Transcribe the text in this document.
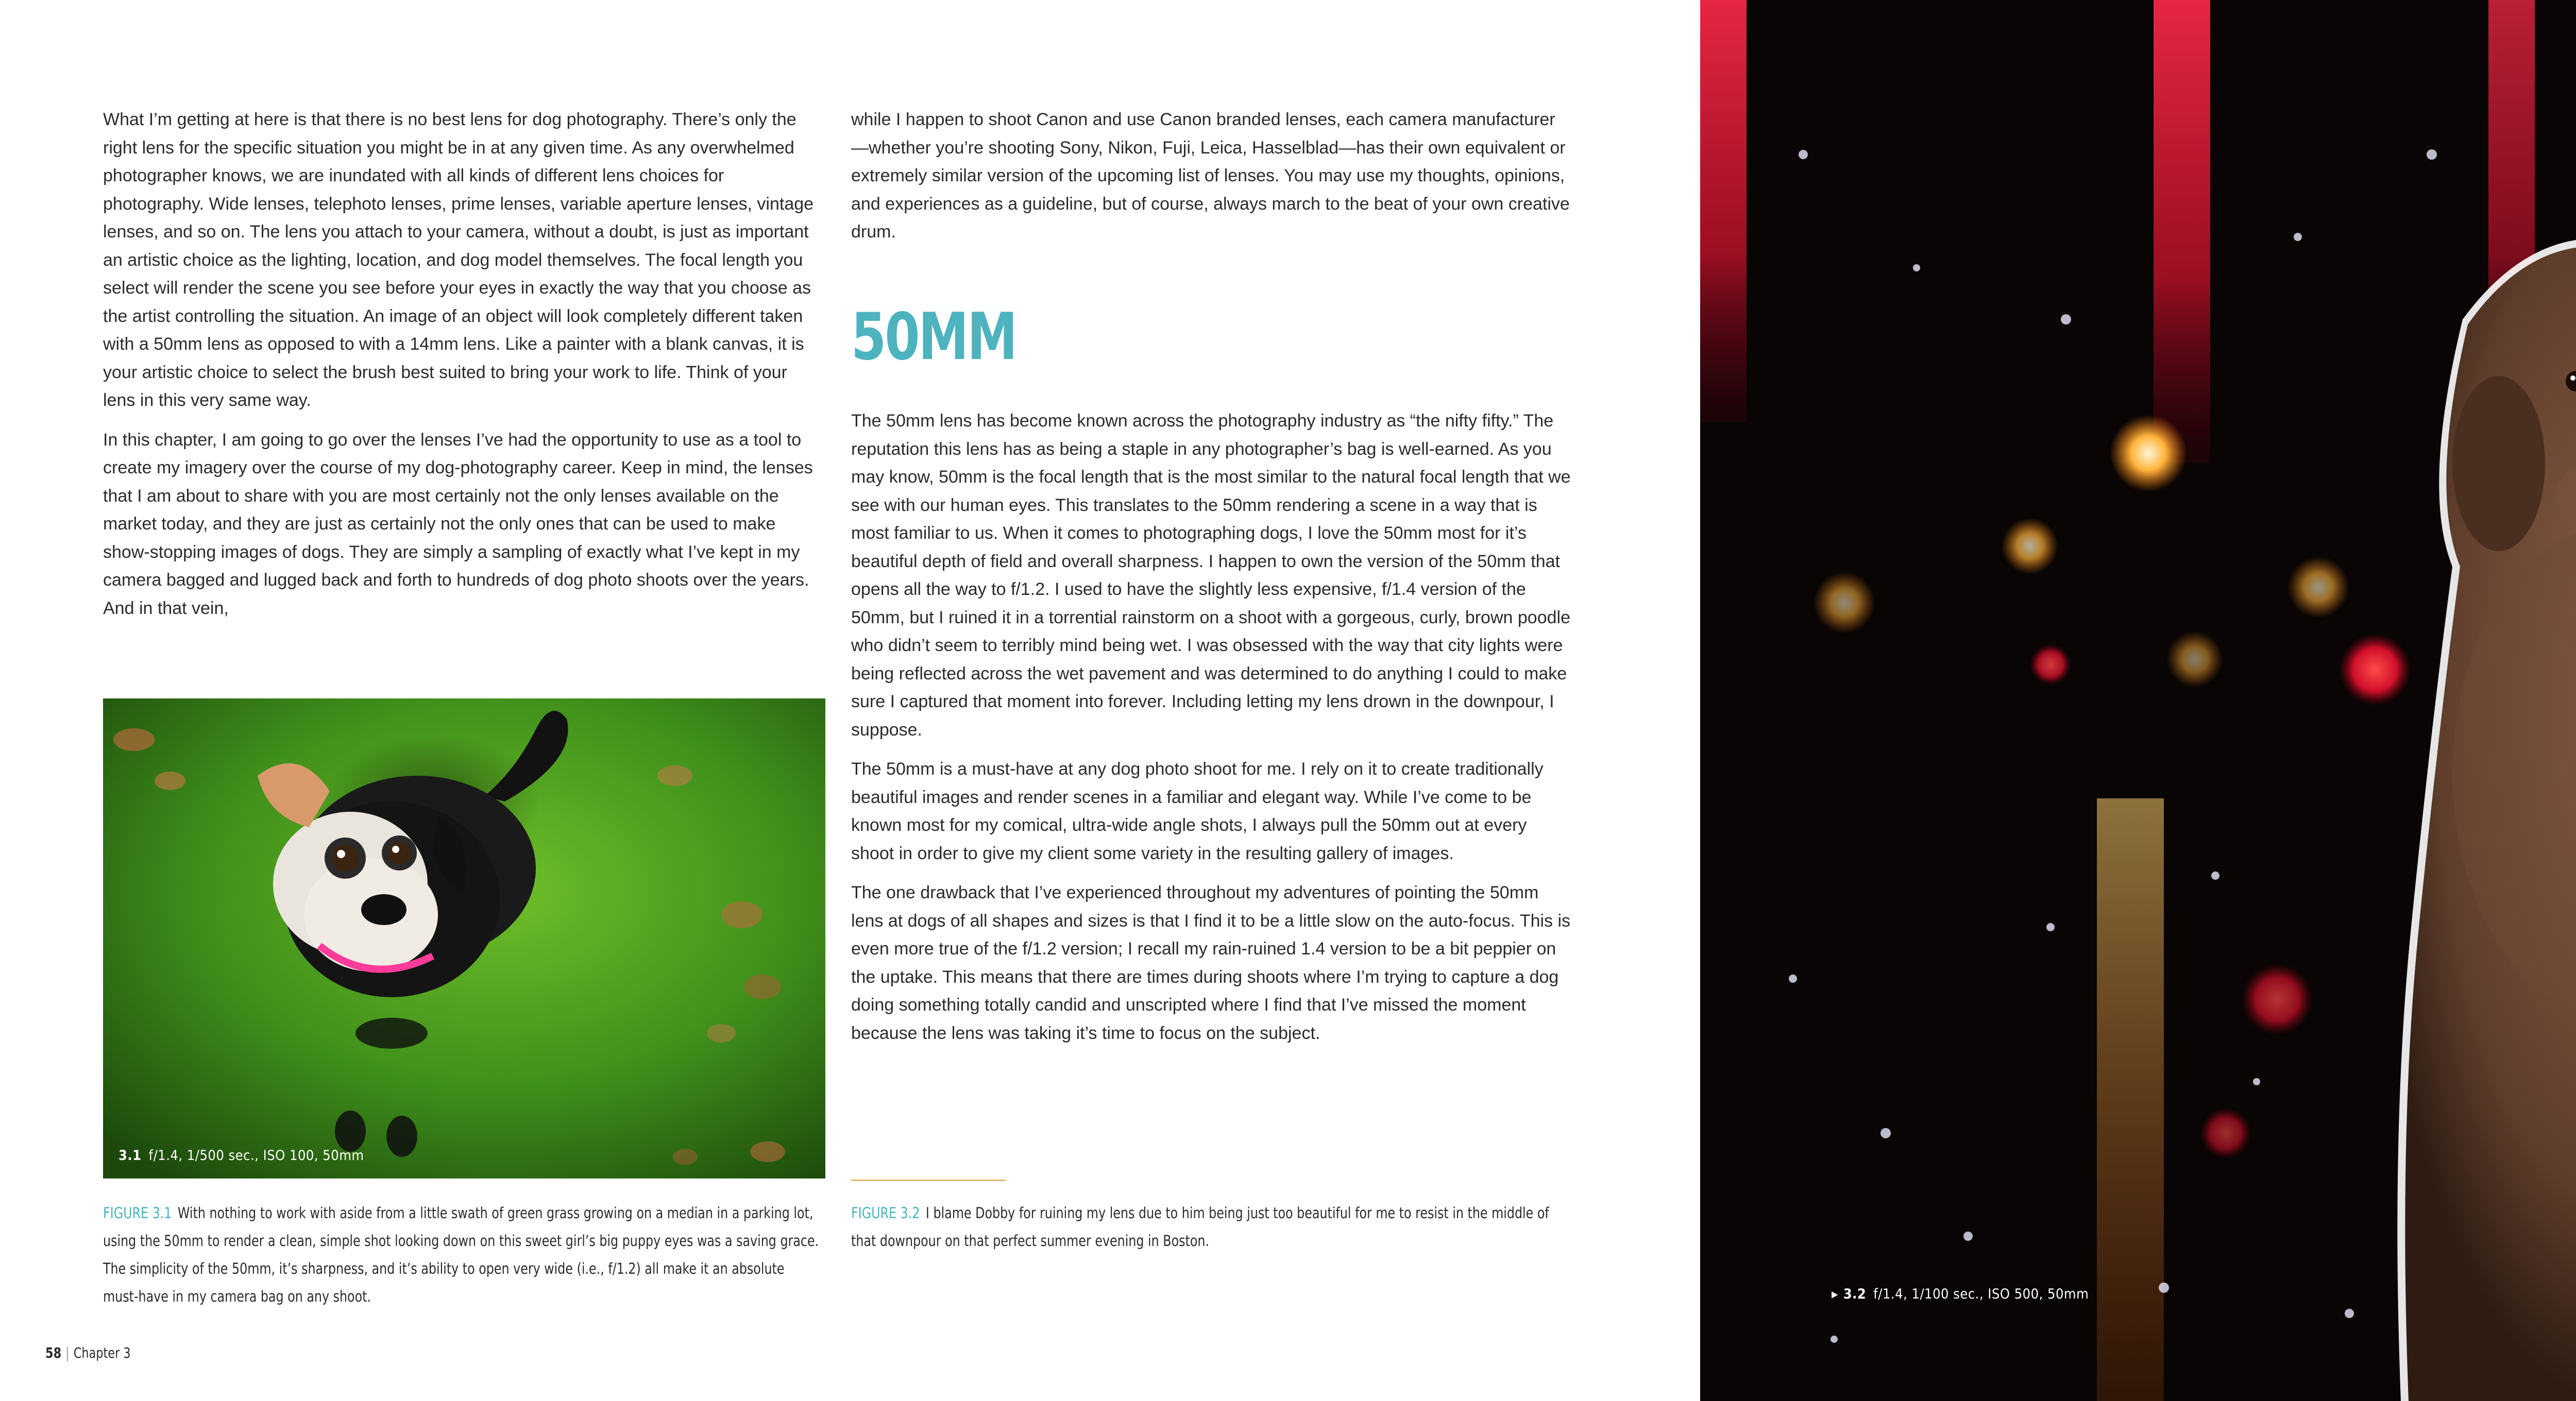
What I’m getting at here is that there is no best lens for dog photography. There’s only the right lens for the specific situation you might be in at any given time. As any overwhelmed photographer knows, we are inundated with all kinds of different lens choices for photography. Wide lenses, telephoto lenses, prime lenses, variable aperture lenses, vintage lenses, and so on. The lens you attach to your camera, without a doubt, is just as important an artistic choice as the lighting, location, and dog model themselves. The focal length you select will render the scene you see before your eyes in exactly the way that you choose as the artist controlling the situation. An image of an object will look completely different taken with a 50mm lens as opposed to with a 14mm lens. Like a painter with a blank canvas, it is your artistic choice to select the brush best suited to bring your work to life. Think of your lens in this very same way.

In this chapter, I am going to go over the lenses I’ve had the opportunity to use as a tool to create my imagery over the course of my dog-photography career. Keep in mind, the lenses that I am about to share with you are most certainly not the only lenses available on the market today, and they are just as certainly not the only ones that can be used to make show-stopping images of dogs. They are simply a sampling of exactly what I’ve kept in my camera bagged and lugged back and forth to hundreds of dog photo shoots over the years. And in that vein,

while I happen to shoot Canon and use Canon branded lenses, each camera manufacturer—whether you’re shooting Sony, Nikon, Fuji, Leica, Hasselblad—has their own equivalent or extremely similar version of the upcoming list of lenses. You may use my thoughts, opinions, and experiences as a guideline, but of course, always march to the beat of your own creative drum.

50MM

The 50mm lens has become known across the photography industry as “the nifty fifty.” The reputation this lens has as being a staple in any photographer’s bag is well-earned. As you may know, 50mm is the focal length that is the most similar to the natural focal length that we see with our human eyes. This translates to the 50mm rendering a scene in a way that is most familiar to us. When it comes to photographing dogs, I love the 50mm most for it’s beautiful depth of field and overall sharpness. I happen to own the version of the 50mm that opens all the way to f/1.2. I used to have the slightly less expensive, f/1.4 version of the 50mm, but I ruined it in a torrential rainstorm on a shoot with a gorgeous, curly, brown poodle who didn’t seem to terribly mind being wet. I was obsessed with the way that city lights were being reflected across the wet pavement and was determined to do anything I could to make sure I captured that moment into forever. Including letting my lens drown in the downpour, I suppose.

The 50mm is a must-have at any dog photo shoot for me. I rely on it to create traditionally beautiful images and render scenes in a familiar and elegant way. While I’ve come to be known most for my comical, ultra-wide angle shots, I always pull the 50mm out at every shoot in order to give my client some variety in the resulting gallery of images.

The one drawback that I’ve experienced throughout my adventures of pointing the 50mm lens at dogs of all shapes and sizes is that I find it to be a little slow on the auto-focus. This is even more true of the f/1.2 version; I recall my rain-ruined 1.4 version to be a bit peppier on the uptake. This means that there are times during shoots where I’m trying to capture a dog doing something totally candid and unscripted where I find that I’ve missed the moment because the lens was taking it’s time to focus on the subject.

3.1 f/1.4, 1/500 sec., ISO 100, 50mm
FIGURE 3.1 With nothing to work with aside from a little swath of green grass growing on a median in a parking lot, using the 50mm to render a clean, simple shot looking down on this sweet girl’s big puppy eyes was a saving grace. The simplicity of the 50mm, it’s sharpness, and it’s ability to open very wide (i.e., f/1.2) all make it an absolute must-have in my camera bag on any shoot.
FIGURE 3.2 I blame Dobby for ruining my lens due to him being just too beautiful for me to resist in the middle of that downpour on that perfect summer evening in Boston.
58 | Chapter 3
▸ 3.2 f/1.4, 1/100 sec., ISO 500, 50mm
